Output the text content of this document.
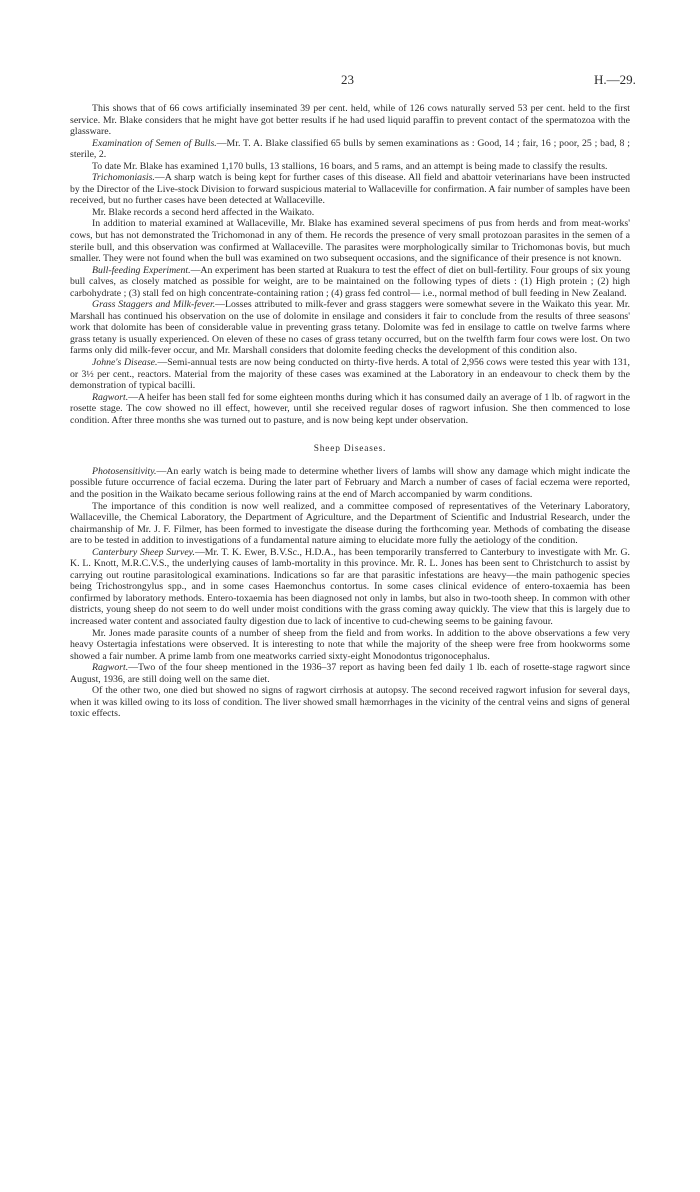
23	H.—29.

This shows that of 66 cows artificially inseminated 39 per cent. held, while of 126 cows naturally served 53 per cent. held to the first service. Mr. Blake considers that he might have got better results if he had used liquid paraffin to prevent contact of the spermatozoa with the glassware.

Examination of Semen of Bulls.—Mr. T. A. Blake classified 65 bulls by semen examinations as : Good, 14 ; fair, 16 ; poor, 25 ; bad, 8 ; sterile, 2.

To date Mr. Blake has examined 1,170 bulls, 13 stallions, 16 boars, and 5 rams, and an attempt is being made to classify the results.

Trichomoniasis.—A sharp watch is being kept for further cases of this disease. All field and abattoir veterinarians have been instructed by the Director of the Live-stock Division to forward suspicious material to Wallaceville for confirmation. A fair number of samples have been received, but no further cases have been detected at Wallaceville.

Mr. Blake records a second herd affected in the Waikato.

In addition to material examined at Wallaceville, Mr. Blake has examined several specimens of pus from herds and from meat-works' cows, but has not demonstrated the Trichomonad in any of them. He records the presence of very small protozoan parasites in the semen of a sterile bull, and this observation was confirmed at Wallaceville. The parasites were morphologically similar to Trichomonas bovis, but much smaller. They were not found when the bull was examined on two subsequent occasions, and the significance of their presence is not known.

Bull-feeding Experiment.—An experiment has been started at Ruakura to test the effect of diet on bull-fertility. Four groups of six young bull calves, as closely matched as possible for weight, are to be maintained on the following types of diets : (1) High protein ; (2) high carbohydrate ; (3) stall fed on high concentrate-containing ration ; (4) grass fed control— i.e., normal method of bull feeding in New Zealand.

Grass Staggers and Milk-fever.—Losses attributed to milk-fever and grass staggers were somewhat severe in the Waikato this year. Mr. Marshall has continued his observation on the use of dolomite in ensilage and considers it fair to conclude from the results of three seasons' work that dolomite has been of considerable value in preventing grass tetany. Dolomite was fed in ensilage to cattle on twelve farms where grass tetany is usually experienced. On eleven of these no cases of grass tetany occurred, but on the twelfth farm four cows were lost. On two farms only did milk-fever occur, and Mr. Marshall considers that dolomite feeding checks the development of this condition also.

Johne's Disease.—Semi-annual tests are now being conducted on thirty-five herds. A total of 2,956 cows were tested this year with 131, or 3½ per cent., reactors. Material from the majority of these cases was examined at the Laboratory in an endeavour to check them by the demonstration of typical bacilli.

Ragwort.—A heifer has been stall fed for some eighteen months during which it has consumed daily an average of 1 lb. of ragwort in the rosette stage. The cow showed no ill effect, however, until she received regular doses of ragwort infusion. She then commenced to lose condition. After three months she was turned out to pasture, and is now being kept under observation.

Sheep Diseases.

Photosensitivity.—An early watch is being made to determine whether livers of lambs will show any damage which might indicate the possible future occurrence of facial eczema. During the later part of February and March a number of cases of facial eczema were reported, and the position in the Waikato became serious following rains at the end of March accompanied by warm conditions.

The importance of this condition is now well realized, and a committee composed of representatives of the Veterinary Laboratory, Wallaceville, the Chemical Laboratory, the Department of Agriculture, and the Department of Scientific and Industrial Research, under the chairmanship of Mr. J. F. Filmer, has been formed to investigate the disease during the forthcoming year. Methods of combating the disease are to be tested in addition to investigations of a fundamental nature aiming to elucidate more fully the aetiology of the condition.

Canterbury Sheep Survey.—Mr. T. K. Ewer, B.V.Sc., H.D.A., has been temporarily transferred to Canterbury to investigate with Mr. G. K. L. Knott, M.R.C.V.S., the underlying causes of lamb-mortality in this province. Mr. R. L. Jones has been sent to Christchurch to assist by carrying out routine parasitological examinations. Indications so far are that parasitic infestations are heavy—the main pathogenic species being Trichostrongylus spp., and in some cases Haemonchus contortus. In some cases clinical evidence of entero-toxaemia has been confirmed by laboratory methods. Entero-toxaemia has been diagnosed not only in lambs, but also in two-tooth sheep. In common with other districts, young sheep do not seem to do well under moist conditions with the grass coming away quickly. The view that this is largely due to increased water content and associated faulty digestion due to lack of incentive to cud-chewing seems to be gaining favour.

Mr. Jones made parasite counts of a number of sheep from the field and from works. In addition to the above observations a few very heavy Ostertagia infestations were observed. It is interesting to note that while the majority of the sheep were free from hookworms some showed a fair number. A prime lamb from one meatworks carried sixty-eight Monodontus trigonocephalus.

Ragwort.—Two of the four sheep mentioned in the 1936–37 report as having been fed daily 1 lb. each of rosette-stage ragwort since August, 1936, are still doing well on the same diet.

Of the other two, one died but showed no signs of ragwort cirrhosis at autopsy. The second received ragwort infusion for several days, when it was killed owing to its loss of condition. The liver showed small hæmorrhages in the vicinity of the central veins and signs of general toxic effects.
